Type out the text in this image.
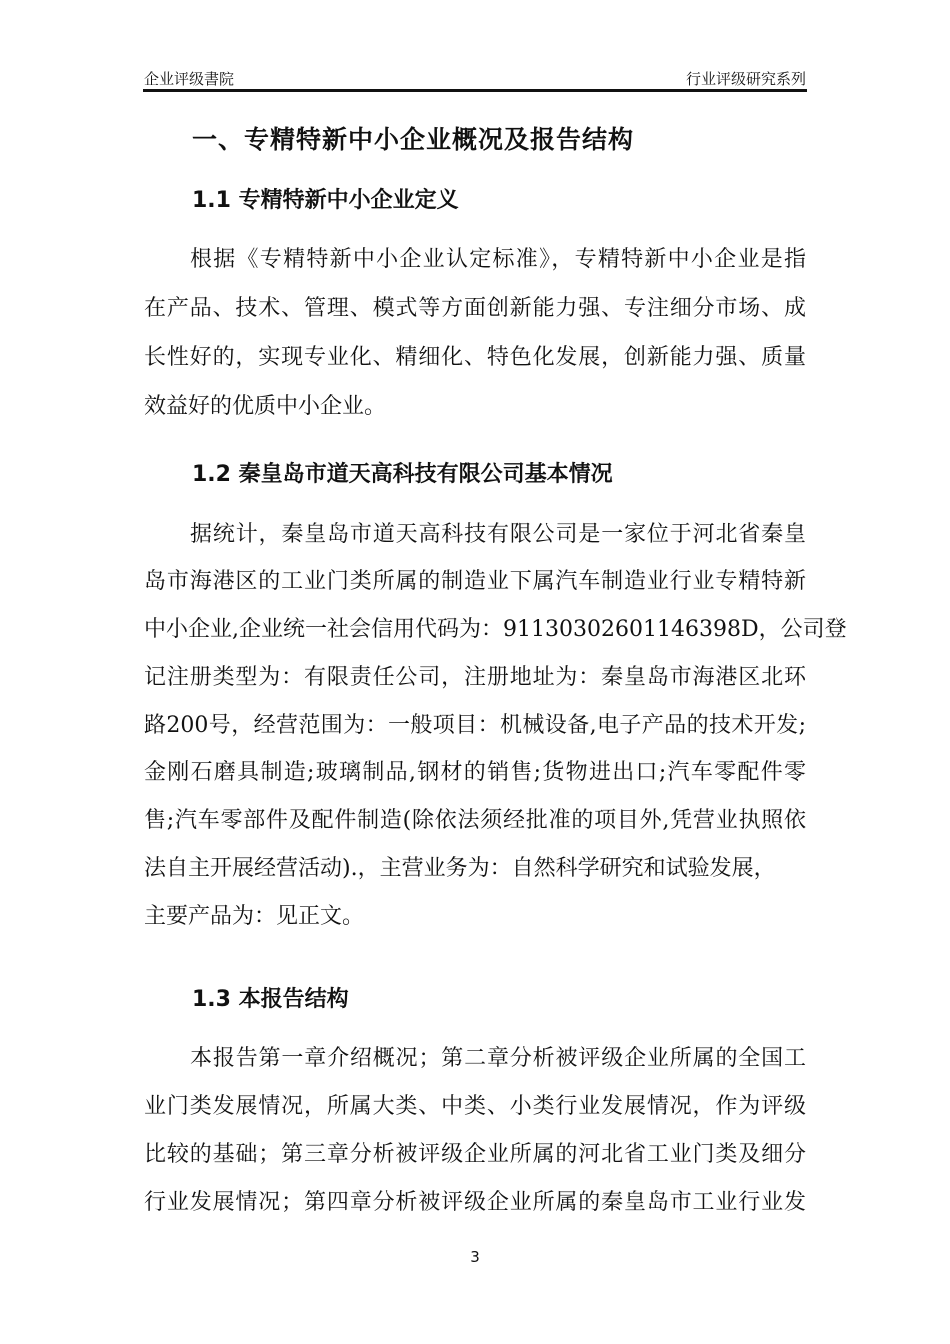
企业评级書院	行业评级研究系列
一、专精特新中小企业概况及报告结构
1.1 专精特新中小企业定义
根据《专精特新中小企业认定标准》，专精特新中小企业是指
在产品、技术、管理、模式等方面创新能力强、专注细分市场、成
长性好的，实现专业化、精细化、特色化发展，创新能力强、质量
效益好的优质中小企业。
1.2 秦皇岛市道天高科技有限公司基本情况
据统计，秦皇岛市道天高科技有限公司是一家位于河北省秦皇
岛市海港区的工业门类所属的制造业下属汽车制造业行业专精特新
中小企业,企业统一社会信用代码为：91130302601146398D，公司登
记注册类型为：有限责任公司，注册地址为：秦皇岛市海港区北环
路200号，经营范围为：一般项目：机械设备,电子产品的技术开发;
金刚石磨具制造;玻璃制品,钢材的销售;货物进出口;汽车零配件零
售;汽车零部件及配件制造(除依法须经批准的项目外,凭营业执照依
法自主开展经营活动).，主营业务为：自然科学研究和试验发展，
主要产品为：见正文。
1.3 本报告结构
本报告第一章介绍概况；第二章分析被评级企业所属的全国工
业门类发展情况，所属大类、中类、小类行业发展情况，作为评级
比较的基础；第三章分析被评级企业所属的河北省工业门类及细分
行业发展情况；第四章分析被评级企业所属的秦皇岛市工业行业发
3
